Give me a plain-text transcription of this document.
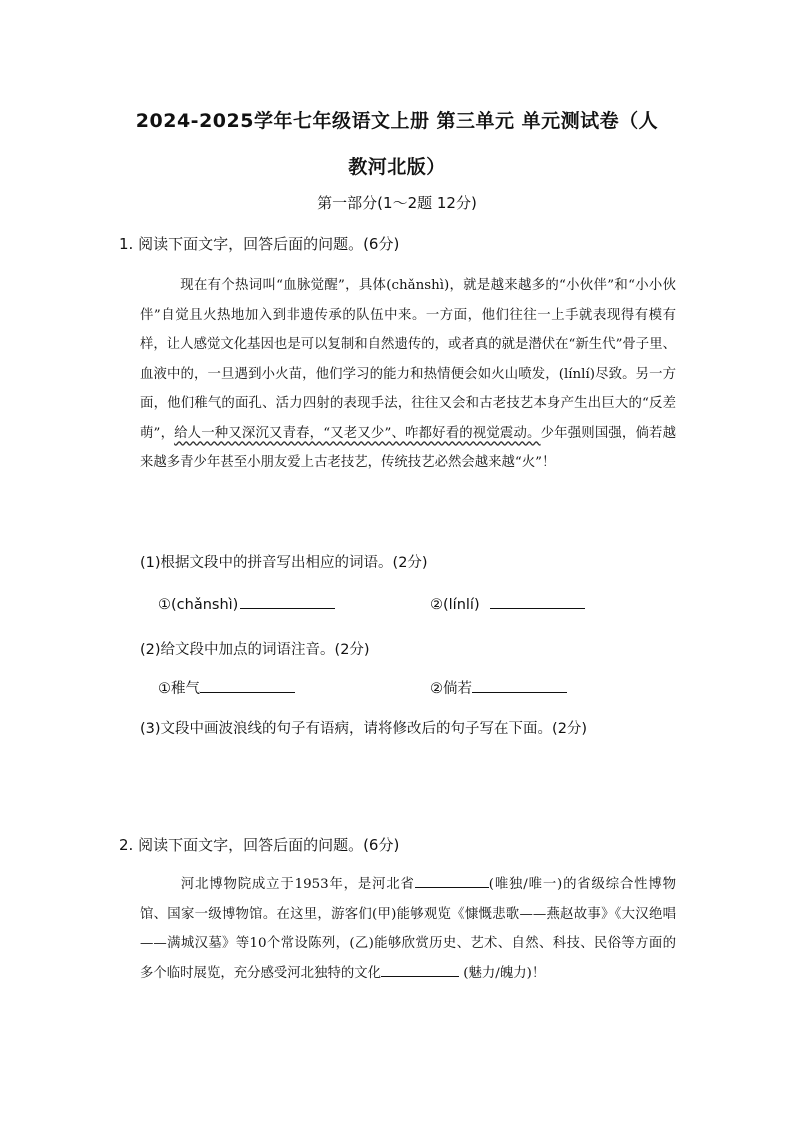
2024-2025学年七年级语文上册 第三单元 单元测试卷（人
教河北版）
第一部分(1～2题 12分)
1. 阅读下面文字，回答后面的问题。(6分)
现在有个热词叫“血脉觉醒”，具体(chǎnshì)，就是越来越多的“小伙伴”和“小小伙伴”自觉且火热地加入到非遗传承的队伍中来。一方面，他们往往一上手就表现得有模有样，让人感觉文化基因也是可以复制和自然遗传的，或者真的就是潜伏在“新生代”骨子里、血液中的，一旦遇到小火苗，他们学习的能力和热情便会如火山喷发，(línlí)尽致。另一方面，他们稚气的面孔、活力四射的表现手法，往往又会和古老技艺本身产生出巨大的“反差萌”，给人一种又深沉又青春，“又老又少”、咋都好看的视觉震动。少年强则国强，倘若越来越多青少年甚至小朋友爱上古老技艺，传统技艺必然会越来越“火”！
(1)根据文段中的拼音写出相应的词语。(2分)
①(chǎnshì)	②(línlí)
(2)给文段中加点的词语注音。(2分)
①稚气	②倘若
(3)文段中画波浪线的句子有语病，请将修改后的句子写在下面。(2分)
2. 阅读下面文字，回答后面的问题。(6分)
河北博物院成立于1953年，是河北省	(唯独/唯一)的省级综合性博物馆、国家一级博物馆。在这里，游客们(甲)能够观览《慷慨悲歌——燕赵故事》《大汉绝唱——满城汉墓》等10个常设陈列，(乙)能够欣赏历史、艺术、自然、科技、民俗等方面的多个临时展览，充分感受河北独特的文化	(魅力/魄力)！
